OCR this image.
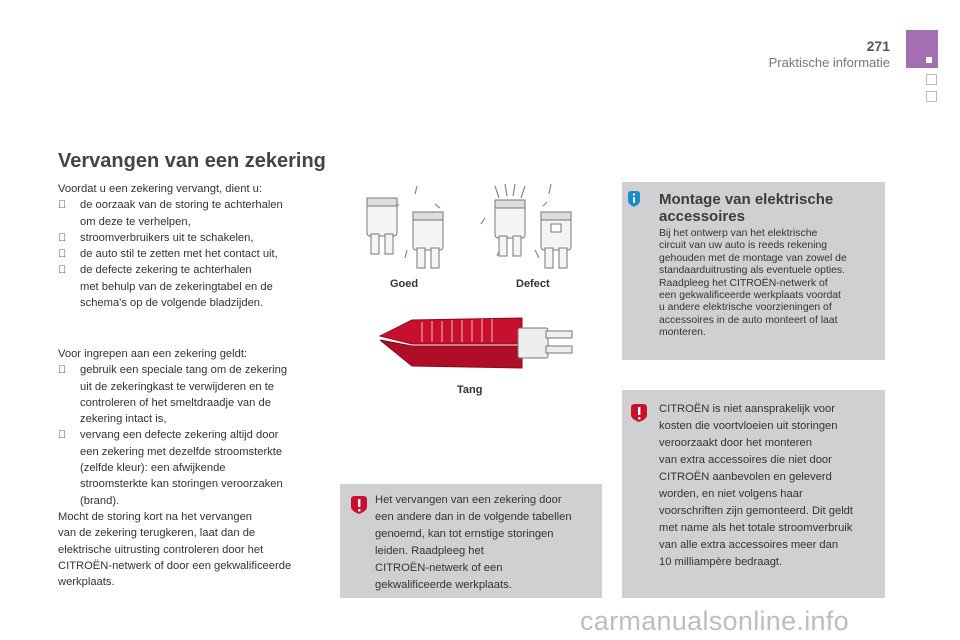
271
Praktische informatie
Vervangen van een zekering

Voordat u een zekering vervangt, dient u:

de oorzaak van de storing te achterhalen

om deze te verhelpen,

stroomverbruikers uit te schakelen,

de auto stil te zetten met het contact uit,

de defecte zekering te achterhalen

met behulp van de zekeringtabel en de

schema's op de volgende bladzijden.

Voor ingrepen aan een zekering geldt:

gebruik een speciale tang om de zekering

uit de zekeringkast te verwijderen en te

controleren of het smeltdraadje van de

zekering intact is,

vervang een defecte zekering altijd door

een zekering met dezelfde stroomsterkte

(zelfde kleur): een afwijkende

stroomsterkte kan storingen veroorzaken

(brand).

Mocht de storing kort na het vervangen

van de zekering terugkeren, laat dan de

elektrische uitrusting controleren door het

CITROËN-netwerk of door een gekwalificeerde

werkplaats.

Goed	Defect
Tang

Het vervangen van een zekering door

een andere dan in de volgende tabellen

genoemd, kan tot ernstige storingen

leiden. Raadpleeg het

CITROËN-netwerk of een

gekwalificeerde werkplaats.

Montage van elektrische
accessoires

Bij het ontwerp van het elektrische

circuit van uw auto is reeds rekening

gehouden met de montage van zowel de

standaarduitrusting als eventuele opties.

Raadpleeg het CITROËN-netwerk of

een gekwalificeerde werkplaats voordat

u andere elektrische voorzieningen of

accessoires in de auto monteert of laat

monteren.

CITROËN is niet aansprakelijk voor

kosten die voortvloeien uit storingen

veroorzaakt door het monteren

van extra accessoires die niet door

CITROËN aanbevolen en geleverd

worden, en niet volgens haar

voorschriften zijn gemonteerd. Dit geldt

met name als het totale stroomverbruik

van alle extra accessoires meer dan

10 milliampère bedraagt.

carmanualsonline.info
